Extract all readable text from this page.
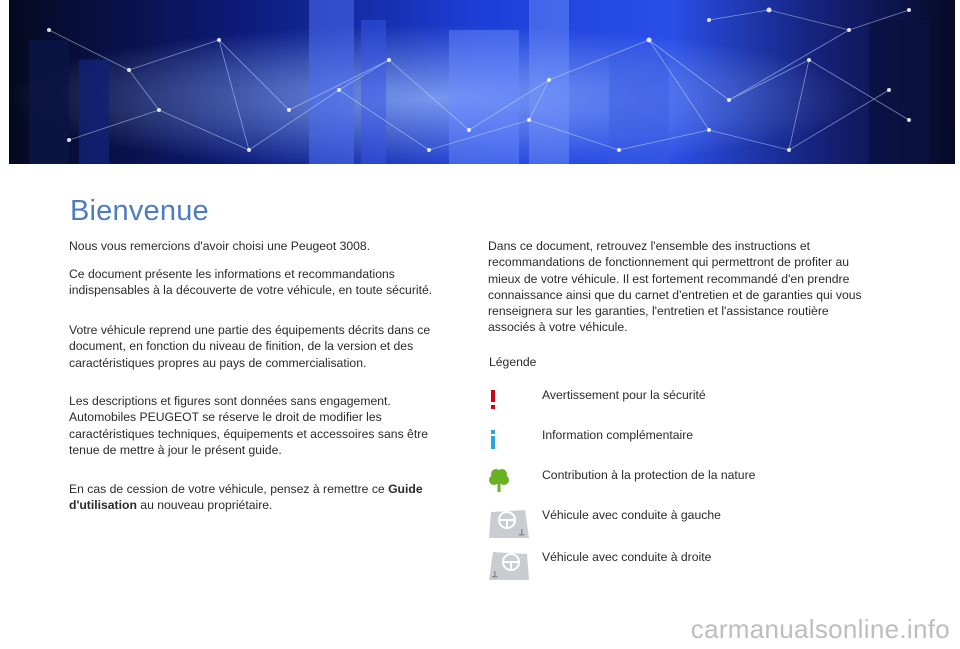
Bienvenue

Nous vous remercions d'avoir choisi une Peugeot 3008.

Ce document présente les informations et recommandations indispensables à la découverte de votre véhicule, en toute sécurité.

Votre véhicule reprend une partie des équipements décrits dans ce document, en fonction du niveau de finition, de la version et des caractéristiques propres au pays de commercialisation.

Les descriptions et figures sont données sans engagement. Automobiles PEUGEOT se réserve le droit de modifier les caractéristiques techniques, équipements et accessoires sans être tenue de mettre à jour le présent guide.

En cas de cession de votre véhicule, pensez à remettre ce Guide d'utilisation au nouveau propriétaire.

Dans ce document, retrouvez l'ensemble des instructions et recommandations de fonctionnement qui permettront de profiter au mieux de votre véhicule. Il est fortement recommandé d'en prendre connaissance ainsi que du carnet d'entretien et de garanties qui vous renseignera sur les garanties, l'entretien et l'assistance routière associés à votre véhicule.

Légende
Avertissement pour la sécurité
Information complémentaire
Contribution à la protection de la nature
Véhicule avec conduite à gauche
Véhicule avec conduite à droite
carmanualsonline.info
